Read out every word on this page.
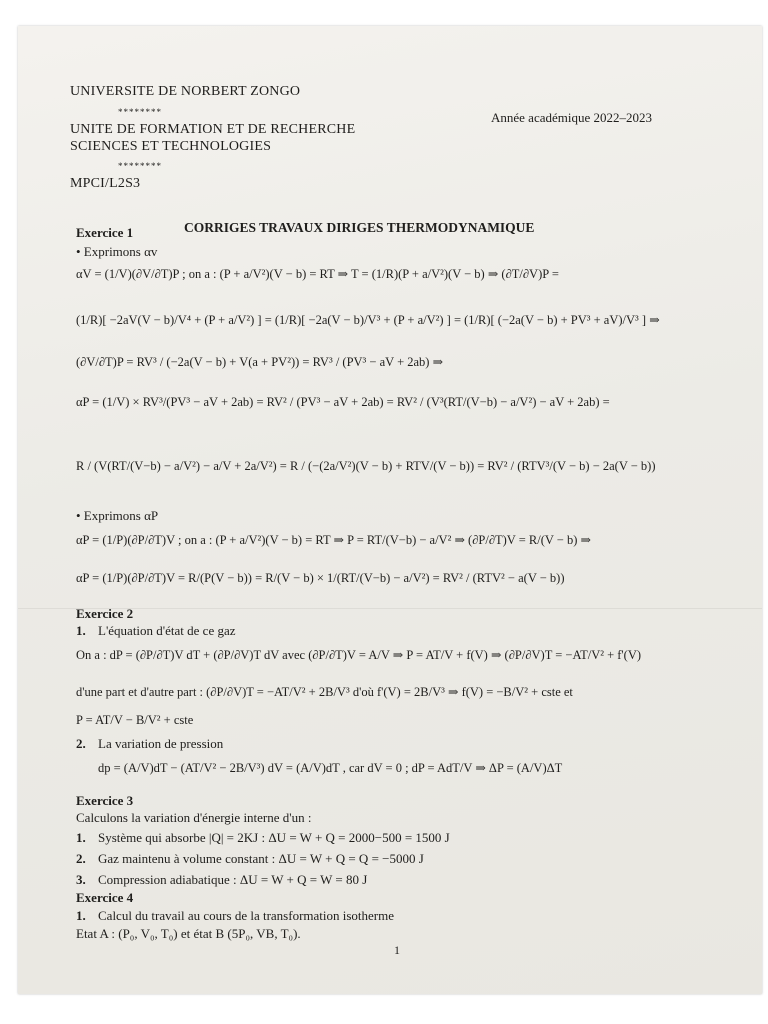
UNIVERSITE DE NORBERT ZONGO
********
UNITE DE FORMATION ET DE RECHERCHE
SCIENCES ET TECHNOLOGIES
********
MPCI/L2S3
Année académique 2022–2023
CORRIGES TRAVAUX DIRIGES THERMODYNAMIQUE
Exercice 1
• Exprimons αv
αV = (1/V)(∂V/∂T)P ; on a : (P + a/V²)(V − b) = RT ⇒ T = (1/R)(P + a/V²)(V − b) ⇒ (∂T/∂V)P =
(1/R)[ −2aV(V − b)/V⁴ + (P + a/V²) ] = (1/R)[ −2a(V − b)/V³ + (P + a/V²) ] = (1/R)[ (−2a(V − b) + PV³ + aV)/V³ ] ⇒
(∂V/∂T)P = RV³ / (−2a(V − b) + V(a + PV²)) = RV³ / (PV³ − aV + 2ab) ⇒
αP = (1/V) × RV³/(PV³ − aV + 2ab) = RV² / (PV³ − aV + 2ab) = RV² / (V³(RT/(V−b) − a/V²) − aV + 2ab) =
R / (V(RT/(V−b) − a/V²) − a/V + 2a/V²) = R / (−(2a/V²)(V − b) + RTV/(V − b)) = RV² / (RTV³/(V − b) − 2a(V − b))
• Exprimons αP
αP = (1/P)(∂P/∂T)V ; on a : (P + a/V²)(V − b) = RT ⇒ P = RT/(V−b) − a/V² ⇒ (∂P/∂T)V = R/(V − b) ⇒
αP = (1/P)(∂P/∂T)V = R/(P(V − b)) = R/(V − b) × 1/(RT/(V−b) − a/V²) = RV² / (RTV² − a(V − b))
Exercice 2
1. L'équation d'état de ce gaz
On a : dP = (∂P/∂T)V dT + (∂P/∂V)T dV avec (∂P/∂T)V = A/V ⇒ P = AT/V + f(V) ⇒ (∂P/∂V)T = −AT/V² + f'(V)
d'une part et d'autre part : (∂P/∂V)T = −AT/V² + 2B/V³ d'où f'(V) = 2B/V³ ⇒ f(V) = −B/V² + cste et
P = AT/V − B/V² + cste
2. La variation de pression
dp = (A/V)dT − (AT/V² − 2B/V³) dV = (A/V)dT , car dV = 0 ; dP = AdT/V ⇒ ΔP = (A/V)ΔT
Exercice 3
Calculons la variation d'énergie interne d'un :
1. Système qui absorbe |Q| = 2KJ : ΔU = W + Q = 2000−500 = 1500 J
2. Gaz maintenu à volume constant : ΔU = W + Q = Q = −5000 J
3. Compression adiabatique : ΔU = W + Q = W = 80 J
Exercice 4
1. Calcul du travail au cours de la transformation isotherme
Etat A : (P₀, V₀, T₀) et état B (5P₀, VB, T₀).
1
